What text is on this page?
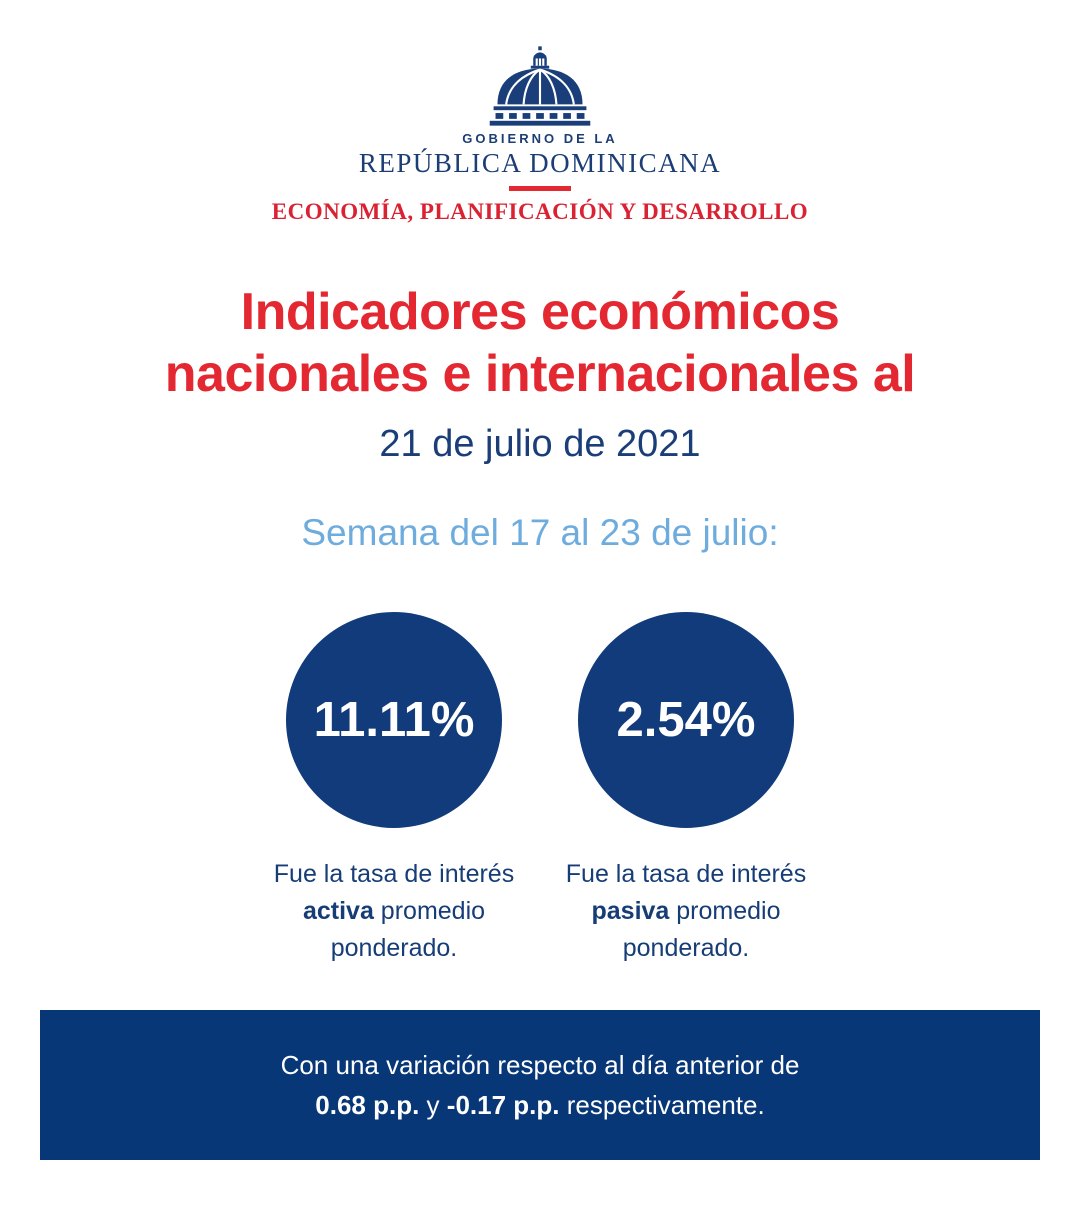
GOBIERNO DE LA
REPÚBLICA DOMINICANA
ECONOMÍA, PLANIFICACIÓN Y DESARROLLO
Indicadores económicos
nacionales e internacionales al
21 de julio de 2021
Semana del 17 al 23 de julio:
11.11%
Fue la tasa de interés activa promedio ponderado.
2.54%
Fue la tasa de interés pasiva promedio ponderado.
Con una variación respecto al día anterior de
0.68 p.p. y -0.17 p.p. respectivamente.
